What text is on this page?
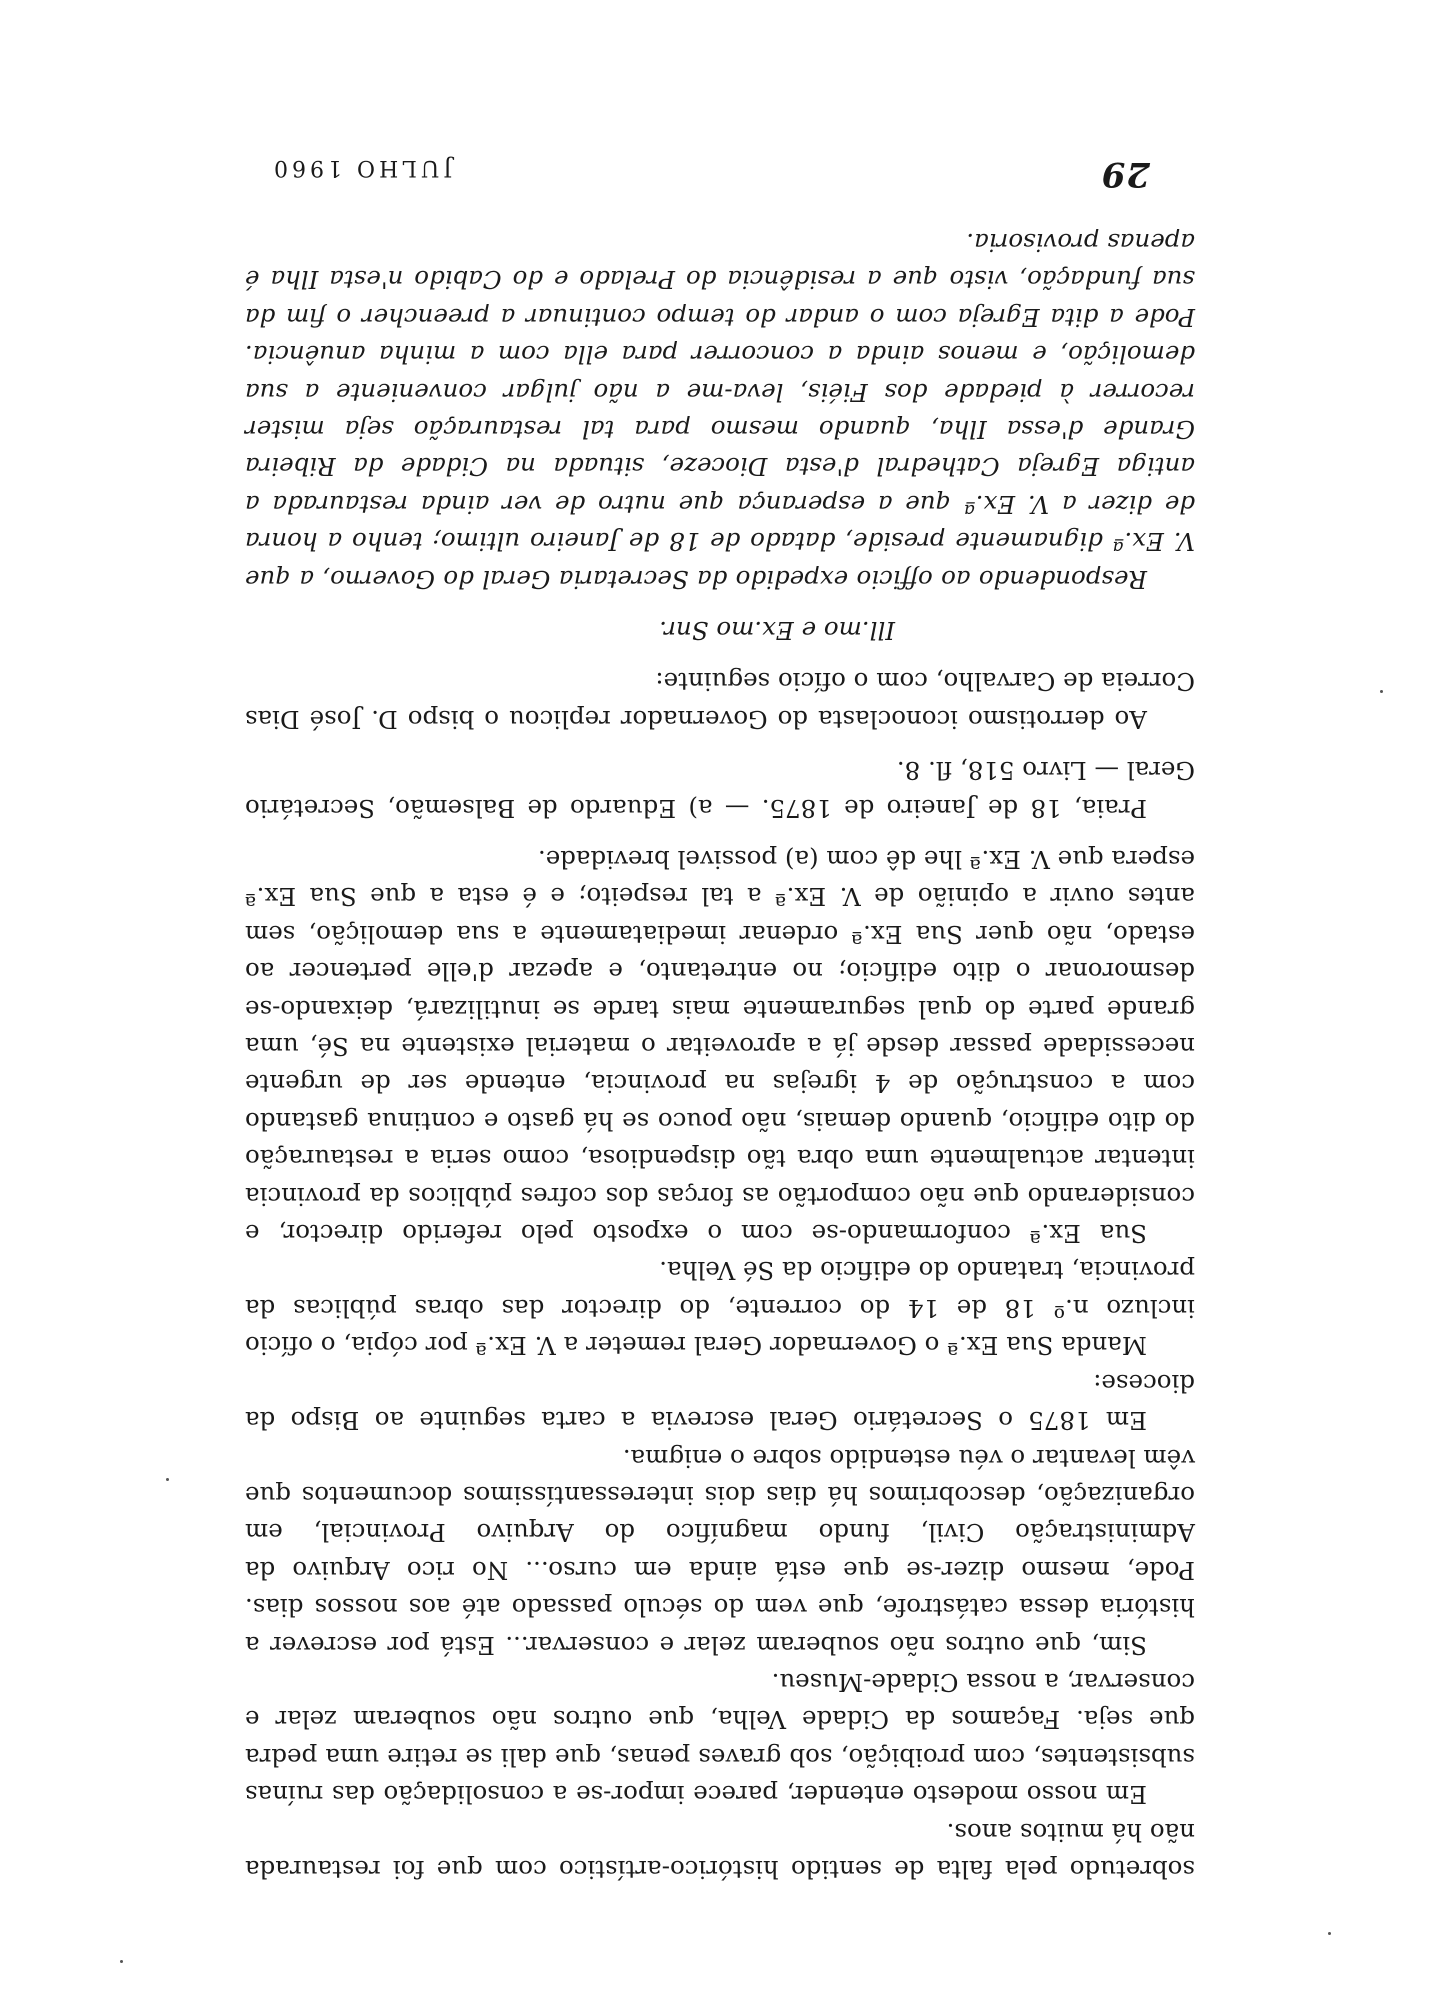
sobretudo pela falta de sentido histórico-artístico com que foi restaurada não há muitos anos.

Em nosso modesto entender, parece impor-se a consolidação das ruínas subsistentes, com proibição, sob graves penas, que dali se retire uma pedra que seja. Façamos da Cidade Velha, que outros não souberam zelar e conservar, a nossa Cidade-Museu.

Sim, que outros não souberam zelar e conservar... Está por escrever a história dessa catástrofe, que vem do século passado até aos nossos dias. Pode, mesmo dizer-se que está ainda em curso... No rico Arquivo da Administração Civil, fundo magnífico do Arquivo Provincial, em organização, descobrimos há dias dois interessantíssimos documentos que vêm levantar o véu estendido sobre o enigma.

Em 1875 o Secretário Geral escrevia a carta seguinte ao Bispo da diocese:

Manda Sua Ex.ª o Governador Geral remeter a V. Ex.ª por cópia, o ofício incluzo n.º 18 de 14 do corrente, do director das obras públicas da provincia, tratando do edificio da Sé Velha.

Sua Ex.ª conformando-se com o exposto pelo referido director, e considerando que não comportão as forças dos cofres públicos da provincia intentar actualmente uma obra tão dispendiosa, como seria a restauração do dito edificio, quando demais, não pouco se há gasto e continua gastando com a construção de 4 igrejas na provincia, entende ser de urgente necessidade passar desde já a aproveitar o material existente na Sé, uma grande parte do qual seguramente mais tarde se inutilizará, deixando-se desmoronar o dito edificio; no entretanto, e apezar d'elle pertencer ao estado, não quer Sua Ex.ª ordenar imediatamente a sua demolição, sem antes ouvir a opinião de V. Ex.ª a tal respeito; e é esta a que Sua Ex.ª espera que V. Ex.ª lhe dê com (a) possivel brevidade.

Praia, 18 de Janeiro de 1875. — a) Eduardo de Balsemão, Secretário Geral — Livro 518, fl. 8.

Ao derrotismo iconoclasta do Governador replicou o bispo D. José Dias Correia de Carvalho, com o ofício seguinte:

Ill.mo e Ex.mo Snr.

Respondendo ao officio expedido da Secretaria Geral do Governo, a que V. Ex.ª dignamente preside, datado de 18 de Janeiro ultimo; tenho a honra de dizer a V. Ex.ª que a esperança que nutro de ver ainda restaurada a antiga Egreja Cathedral d'esta Dioceze, situada na Cidade da Ribeira Grande d'essa Ilha, quando mesmo para tal restauração seja mister recorrer à piedade dos Fiéis, leva-me a não julgar conveniente a sua demolição, e menos ainda a concorrer para ella com a minha anuência. Pode a dita Egreja com o andar do tempo continuar a preencher o fim da sua fundação, visto que a residência do Prelado e do Cabido n'esta Ilha é apenas provisoria.

JULHO 1960	29
